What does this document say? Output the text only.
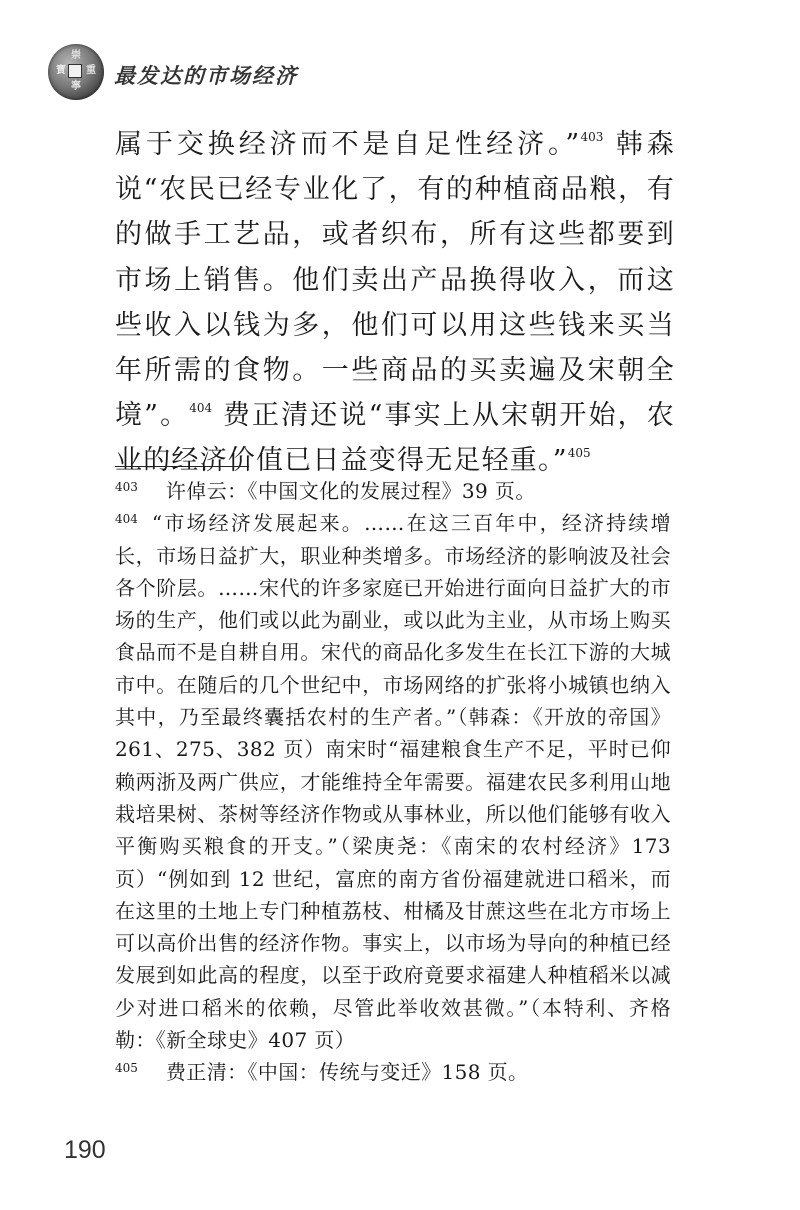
崇
寧
寶 重 最发达的市场经济

属于交换经济而不是自足性经济。”$^{403}$ 韩森说“农民已经专业化了，有的种植商品粮，有的做手工艺品，或者织布，所有这些都要到市场上销售。他们卖出产品换得收入，而这些收入以钱为多，他们可以用这些钱来买当年所需的食物。一些商品的买卖遍及宋朝全境”。$^{404}$ 费正清还说“事实上从宋朝开始，农业的经济价值已日益变得无足轻重。”$^{405}$

$^{403}$ 许倬云：《中国文化的发展过程》39 页。

$^{404}$ “市场经济发展起来。……在这三百年中，经济持续增长，市场日益扩大，职业种类增多。市场经济的影响波及社会各个阶层。……宋代的许多家庭已开始进行面向日益扩大的市场的生产，他们或以此为副业，或以此为主业，从市场上购买食品而不是自耕自用。宋代的商品化多发生在长江下游的大城市中。在随后的几个世纪中，市场网络的扩张将小城镇也纳入其中，乃至最终囊括农村的生产者。”（韩森：《开放的帝国》261、275、382 页）南宋时“福建粮食生产不足，平时已仰赖两浙及两广供应，才能维持全年需要。福建农民多利用山地栽培果树、茶树等经济作物或从事林业，所以他们能够有收入平衡购买粮食的开支。”（梁庚尧：《南宋的农村经济》173 页）“例如到 12 世纪，富庶的南方省份福建就进口稻米，而在这里的土地上专门种植荔枝、柑橘及甘蔗这些在北方市场上可以高价出售的经济作物。事实上，以市场为导向的种植已经发展到如此高的程度，以至于政府竟要求福建人种植稻米以减少对进口稻米的依赖，尽管此举收效甚微。”（本特利、齐格勒：《新全球史》407 页）

$^{405}$ 费正清：《中国：传统与变迁》158 页。

190
